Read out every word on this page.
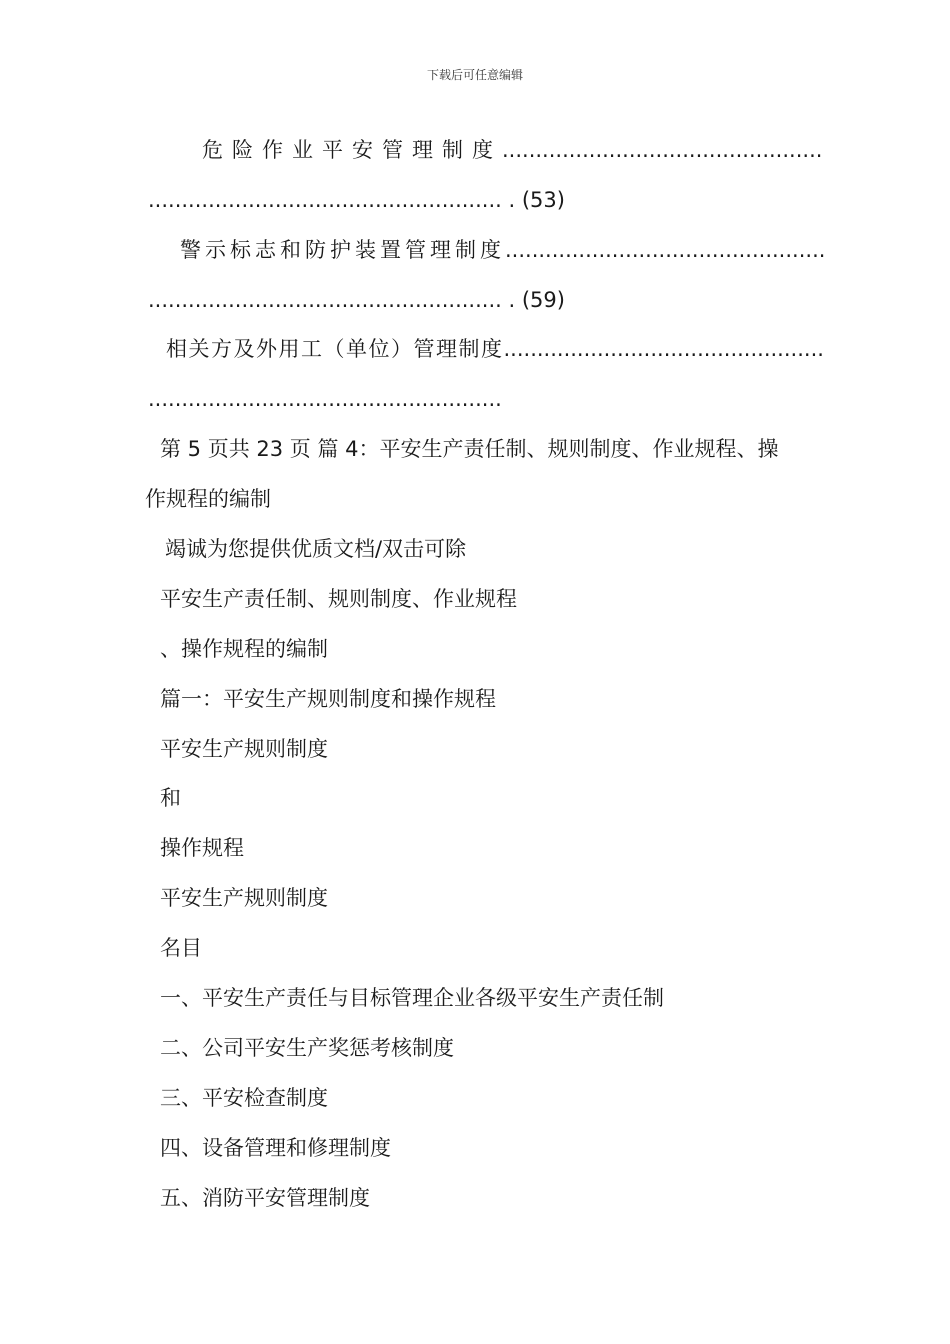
下载后可任意编辑
危险作业平安管理制度................................................
..................................................... . (53)
警示标志和防护装置管理制度................................................
..................................................... . (59)
相关方及外用工（单位）管理制度................................................
.....................................................
第 5 页共 23 页 篇 4：平安生产责任制、规则制度、作业规程、操
作规程的编制
竭诚为您提供优质文档/双击可除
平安生产责任制、规则制度、作业规程
、操作规程的编制
篇一：平安生产规则制度和操作规程
平安生产规则制度
和
操作规程
平安生产规则制度
名目
一、平安生产责任与目标管理企业各级平安生产责任制
二、公司平安生产奖惩考核制度
三、平安检查制度
四、设备管理和修理制度
五、消防平安管理制度
